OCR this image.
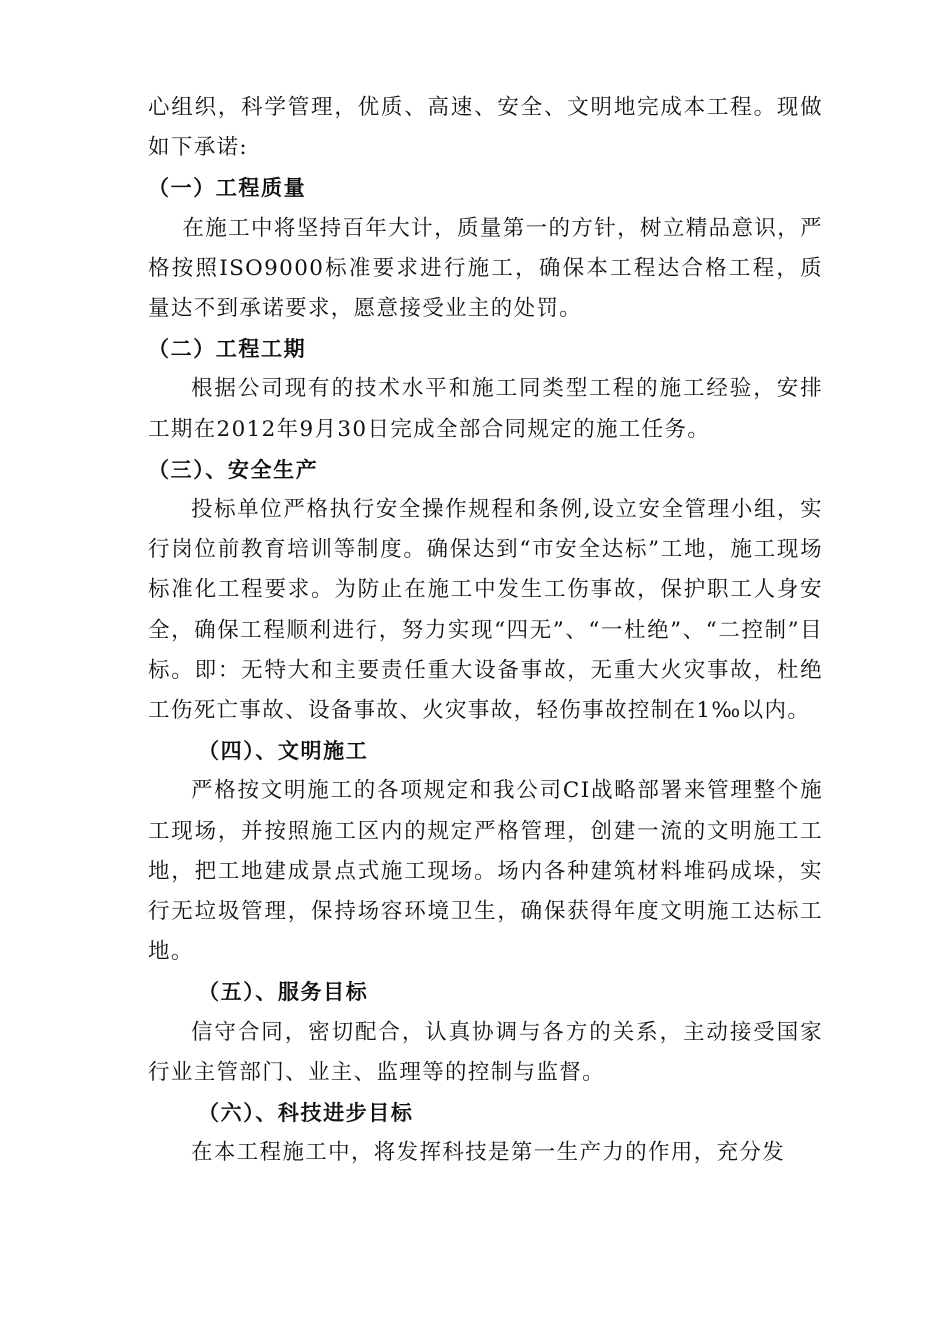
心组织，科学管理，优质、高速、安全、文明地完成本工程。现做如下承诺:

（一）工程质量

在施工中将坚持百年大计，质量第一的方针，树立精品意识，严格按照ISO9000标准要求进行施工，确保本工程达合格工程，质量达不到承诺要求，愿意接受业主的处罚。

（二）工程工期

根据公司现有的技术水平和施工同类型工程的施工经验，安排工期在2012年9月30日完成全部合同规定的施工任务。

（三）、安全生产

投标单位严格执行安全操作规程和条例,设立安全管理小组，实行岗位前教育培训等制度。确保达到“市安全达标”工地，施工现场标准化工程要求。为防止在施工中发生工伤事故，保护职工人身安全，确保工程顺利进行，努力实现“四无”、“一杜绝”、“二控制”目标。即：无特大和主要责任重大设备事故，无重大火灾事故，杜绝工伤死亡事故、设备事故、火灾事故，轻伤事故控制在1‰以内。

（四）、文明施工

严格按文明施工的各项规定和我公司CI战略部署来管理整个施工现场，并按照施工区内的规定严格管理，创建一流的文明施工工地，把工地建成景点式施工现场。场内各种建筑材料堆码成垛，实行无垃圾管理，保持场容环境卫生，确保获得年度文明施工达标工地。

（五）、服务目标

信守合同，密切配合，认真协调与各方的关系，主动接受国家行业主管部门、业主、监理等的控制与监督。

（六）、科技进步目标

在本工程施工中，将发挥科技是第一生产力的作用，充分发
